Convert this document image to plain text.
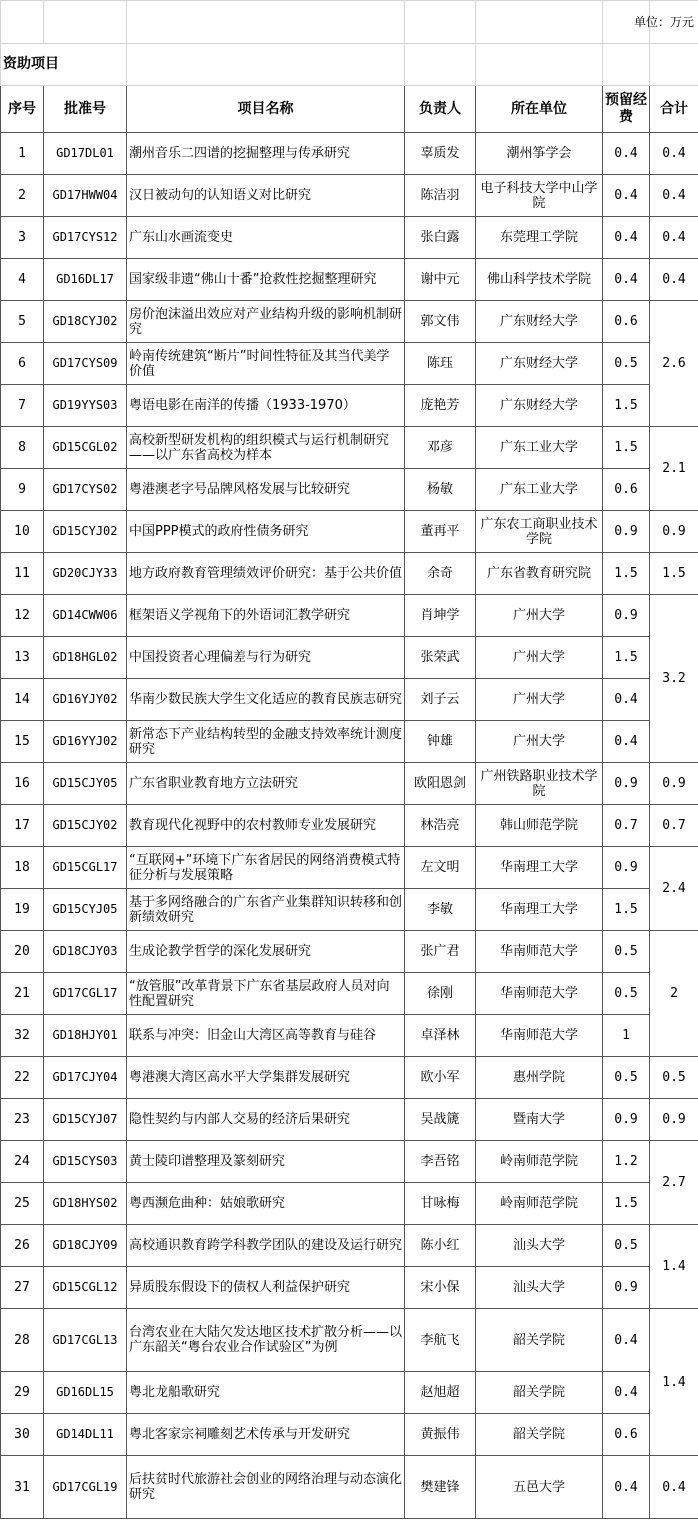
						单位：万元

资助项目						
序号	批准号	项目名称	负责人	所在单位	预留经费	合计
1	GD17DL01	潮州音乐二四谱的挖掘整理与传承研究	辜质发	潮州筝学会	0.4	0.4
2	GD17HWW04	汉日被动句的认知语义对比研究	陈洁羽	电子科技大学中山学院	0.4	0.4
3	GD17CYS12	广东山水画流变史	张白露	东莞理工学院	0.4	0.4
4	GD16DL17	国家级非遗“佛山十番”抢救性挖掘整理研究	谢中元	佛山科学技术学院	0.4	0.4
5	GD18CYJ02	房价泡沫溢出效应对产业结构升级的影响机制研究	郭文伟	广东财经大学	0.6	2.6
6	GD17CYS09	岭南传统建筑“断片”时间性特征及其当代美学价值	陈珏	广东财经大学	0.5	
7	GD19YYS03	粤语电影在南洋的传播（1933-1970）	庞艳芳	广东财经大学	1.5	
8	GD15CGL02	高校新型研发机构的组织模式与运行机制研究——以广东省高校为样本	邓彦	广东工业大学	1.5	2.1
9	GD17CYS02	粤港澳老字号品牌风格发展与比较研究	杨敏	广东工业大学	0.6	
10	GD15CYJ02	中国PPP模式的政府性债务研究	董再平	广东农工商职业技术学院	0.9	0.9
11	GD20CJY33	地方政府教育管理绩效评价研究：基于公共价值	余奇	广东省教育研究院	1.5	1.5
12	GD14CWW06	框架语义学视角下的外语词汇教学研究	肖坤学	广州大学	0.9	3.2
13	GD18HGL02	中国投资者心理偏差与行为研究	张荣武	广州大学	1.5	
14	GD16YJY02	华南少数民族大学生文化适应的教育民族志研究	刘子云	广州大学	0.4	
15	GD16YYJ02	新常态下产业结构转型的金融支持效率统计测度研究	钟雄	广州大学	0.4	
16	GD15CJY05	广东省职业教育地方立法研究	欧阳恩剑	广州铁路职业技术学院	0.9	0.9
17	GD15CJY02	教育现代化视野中的农村教师专业发展研究	林浩亮	韩山师范学院	0.7	0.7
18	GD15CGL17	“互联网+”环境下广东省居民的网络消费模式特征分析与发展策略	左文明	华南理工大学	0.9	2.4
19	GD15CYJ05	基于多网络融合的广东省产业集群知识转移和创新绩效研究	李敏	华南理工大学	1.5	
20	GD18CJY03	生成论教学哲学的深化发展研究	张广君	华南师范大学	0.5	2
21	GD17CGL17	“放管服”改革背景下广东省基层政府人员对向性配置研究	徐刚	华南师范大学	0.5	
32	GD18HJY01	联系与冲突：旧金山大湾区高等教育与硅谷	卓泽林	华南师范大学	1	
22	GD17CJY04	粤港澳大湾区高水平大学集群发展研究	欧小军	惠州学院	0.5	0.5
23	GD15CYJ07	隐性契约与内部人交易的经济后果研究	吴战篪	暨南大学	0.9	0.9
24	GD15CYS03	黄士陵印谱整理及篆刻研究	李吾铭	岭南师范学院	1.2	2.7
25	GD18HYS02	粤西濒危曲种：姑娘歌研究	甘咏梅	岭南师范学院	1.5	
26	GD18CJY09	高校通识教育跨学科教学团队的建设及运行研究	陈小红	汕头大学	0.5	1.4
27	GD15CGL12	异质股东假设下的债权人利益保护研究	宋小保	汕头大学	0.9	
28	GD17CGL13	台湾农业在大陆欠发达地区技术扩散分析——以广东韶关“粤台农业合作试验区”为例	李航飞	韶关学院	0.4	1.4
29	GD16DL15	粤北龙船歌研究	赵旭超	韶关学院	0.4	
30	GD14DL11	粤北客家宗祠雕刻艺术传承与开发研究	黄振伟	韶关学院	0.6	
31	GD17CGL19	后扶贫时代旅游社会创业的网络治理与动态演化研究	樊建锋	五邑大学	0.4	0.4
